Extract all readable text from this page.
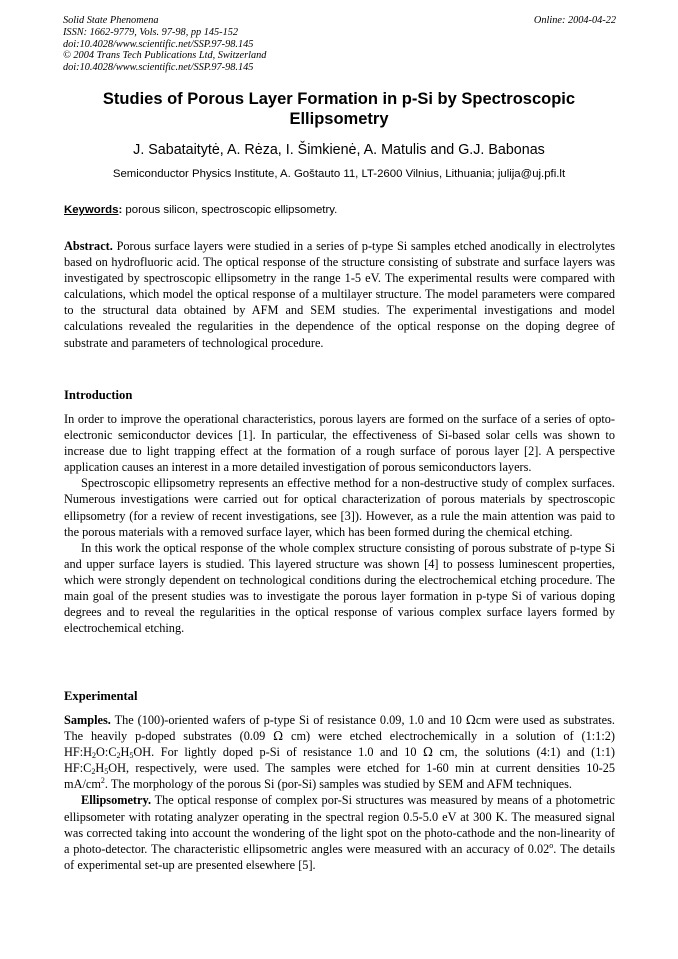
Solid State Phenomena
ISSN: 1662-9779, Vols. 97-98, pp 145-152
doi:10.4028/www.scientific.net/SSP.97-98.145
© 2004 Trans Tech Publications Ltd, Switzerland
doi:10.4028/www.scientific.net/SSP.97-98.145
Online: 2004-04-22
Studies of Porous Layer Formation in p-Si by Spectroscopic
Ellipsometry
J. Sabataitytė, A. Rėza, I. Šimkienė, A. Matulis and G.J. Babonas
Semiconductor Physics Institute, A. Goštauto 11, LT-2600 Vilnius, Lithuania; julija@uj.pfi.lt
Keywords: porous silicon, spectroscopic ellipsometry.

Abstract. Porous surface layers were studied in a series of p-type Si samples etched anodically in electrolytes based on hydrofluoric acid. The optical response of the structure consisting of substrate and surface layers was investigated by spectroscopic ellipsometry in the range 1-5 eV. The experimental results were compared with calculations, which model the optical response of a multilayer structure. The model parameters were compared to the structural data obtained by AFM and SEM studies. The experimental investigations and model calculations revealed the regularities in the dependence of the optical response on the doping degree of substrate and parameters of technological procedure.

Introduction

In order to improve the operational characteristics, porous layers are formed on the surface of a series of opto-electronic semiconductor devices [1]. In particular, the effectiveness of Si-based solar cells was shown to increase due to light trapping effect at the formation of a rough surface of porous layer [2]. A perspective application causes an interest in a more detailed investigation of porous semiconductors layers.

Spectroscopic ellipsometry represents an effective method for a non-destructive study of complex surfaces. Numerous investigations were carried out for optical characterization of porous materials by spectroscopic ellipsometry (for a review of recent investigations, see [3]). However, as a rule the main attention was paid to the porous materials with a removed surface layer, which has been formed during the chemical etching.

In this work the optical response of the whole complex structure consisting of porous substrate of p-type Si and upper surface layers is studied. This layered structure was shown [4] to possess luminescent properties, which were strongly dependent on technological conditions during the electrochemical etching procedure. The main goal of the present studies was to investigate the porous layer formation in p-type Si of various doping degrees and to reveal the regularities in the optical response of various complex surface layers formed by electrochemical etching.

Experimental

Samples. The (100)-oriented wafers of p-type Si of resistance 0.09, 1.0 and 10 Ωcm were used as substrates. The heavily p-doped substrates (0.09 Ω cm) were etched electrochemically in a solution of (1:1:2) $HF:H_2O:C_2H_5OH$. For lightly doped p-Si of resistance 1.0 and 10 Ω cm, the solutions (4:1) and (1:1) $HF:C_2H_5OH$, respectively, were used. The samples were etched for 1-60 min at current densities 10-25 $mA/cm^2$. The morphology of the porous Si (por-Si) samples was studied by SEM and AFM techniques.

Ellipsometry. The optical response of complex por-Si structures was measured by means of a photometric ellipsometer with rotating analyzer operating in the spectral region 0.5-5.0 eV at 300 K. The measured signal was corrected taking into account the wondering of the light spot on the photo-cathode and the non-linearity of a photo-detector. The characteristic ellipsometric angles were measured with an accuracy of 0.02$^o$. The details of experimental set-up are presented elsewhere [5].
